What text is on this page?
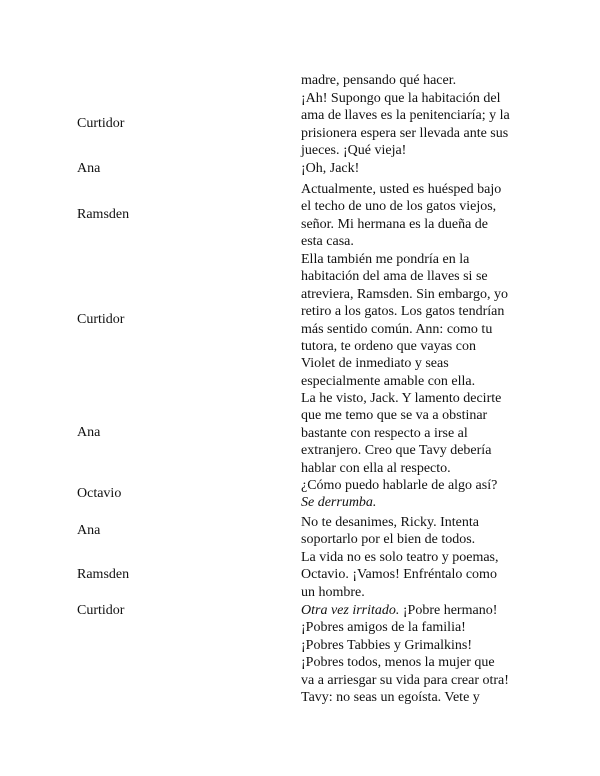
madre, pensando qué hacer.
Curtidor
¡Ah! Supongo que la habitación del
ama de llaves es la penitenciaría; y la
prisionera espera ser llevada ante sus
jueces. ¡Qué vieja!
Ana	¡Oh, Jack!
Ramsden
Actualmente, usted es huésped bajo
el techo de uno de los gatos viejos,
señor. Mi hermana es la dueña de
esta casa.
Curtidor
Ella también me pondría en la
habitación del ama de llaves si se
atreviera, Ramsden. Sin embargo, yo
retiro a los gatos. Los gatos tendrían
más sentido común. Ann: como tu
tutora, te ordeno que vayas con
Violet de inmediato y seas
especialmente amable con ella.
Ana
La he visto, Jack. Y lamento decirte
que me temo que se va a obstinar
bastante con respecto a irse al
extranjero. Creo que Tavy debería
hablar con ella al respecto.
Octavio
¿Cómo puedo hablarle de algo así?
Se derrumba.
Ana
No te desanimes, Ricky. Intenta
soportarlo por el bien de todos.
Ramsden
La vida no es solo teatro y poemas,
Octavio. ¡Vamos! Enfréntalo como
un hombre.
Curtidor	Otra vez irritado. ¡Pobre hermano!
¡Pobres amigos de la familia!
¡Pobres Tabbies y Grimalkins!
¡Pobres todos, menos la mujer que
va a arriesgar su vida para crear otra!
Tavy: no seas un egoísta. Vete y
